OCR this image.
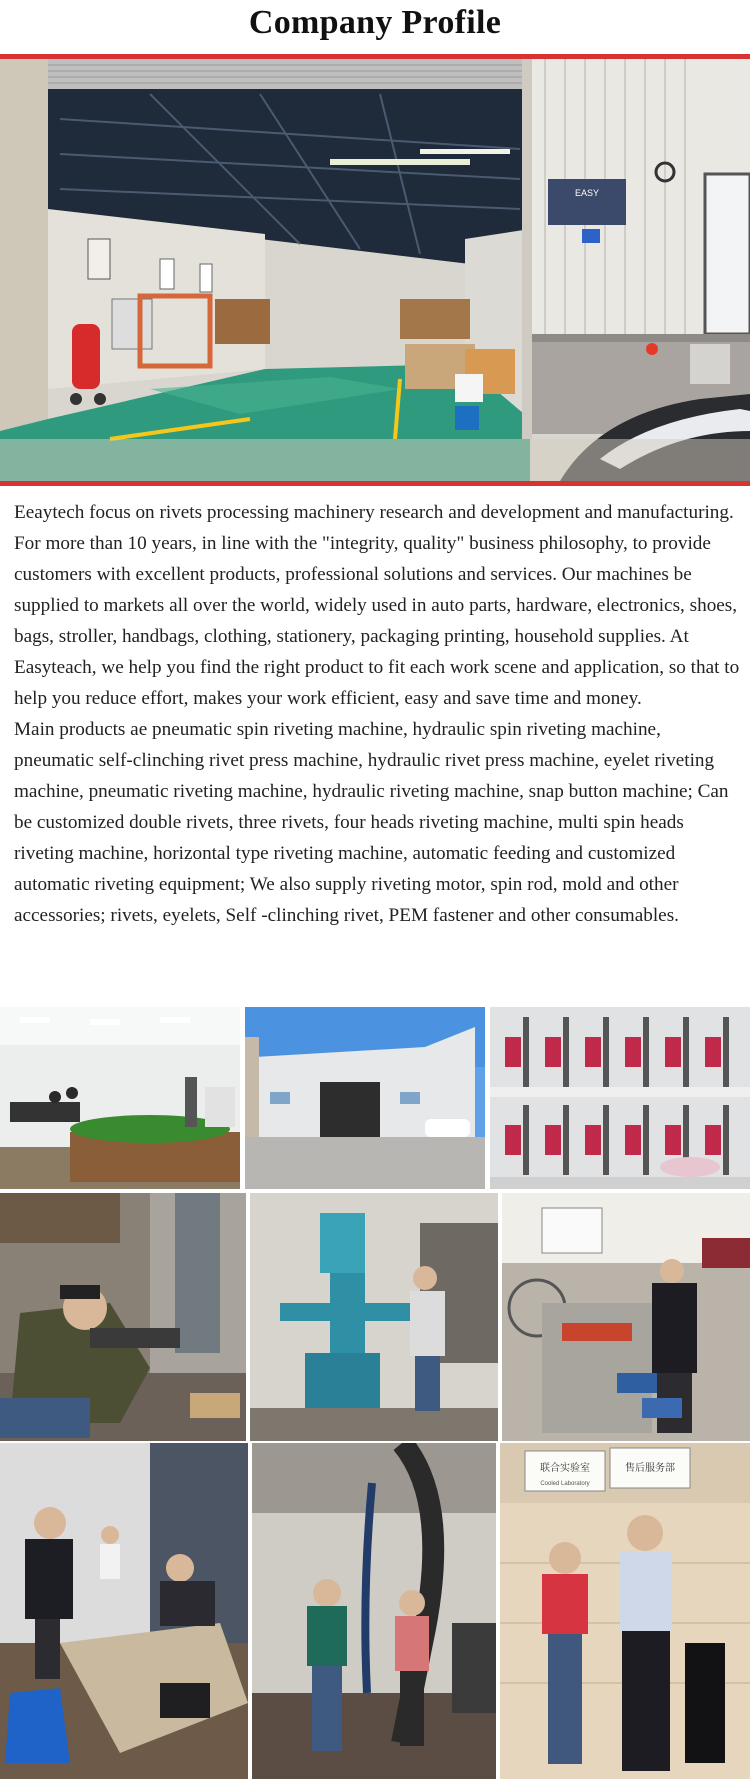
Company Profile
EASY

Eeaytech focus on rivets processing machinery research and development and manufacturing. For more than 10 years, in line with the "integrity, quality" business philosophy, to provide customers with excellent products, professional solutions and services. Our machines be supplied to markets all over the world, widely used in auto parts, hardware, electronics, shoes, bags, stroller, handbags, clothing, stationery, packaging printing, household supplies. At Easyteach, we help you find the right product to fit each work scene and application, so that to help you reduce effort, makes your work efficient, easy and save time and money.

Main products ae pneumatic spin riveting machine, hydraulic spin riveting machine, pneumatic self-clinching rivet press machine, hydraulic rivet press machine, eyelet riveting machine, pneumatic riveting machine, hydraulic riveting machine, snap button machine; Can be customized double rivets, three rivets, four heads riveting machine, multi spin heads riveting machine, horizontal type riveting machine, automatic feeding and customized automatic riveting equipment; We also supply riveting motor, spin rod, mold and other accessories; rivets, eyelets, Self -clinching rivet, PEM fastener and other consumables.

联合实验室
Cooled Laboratory
售后服务部
